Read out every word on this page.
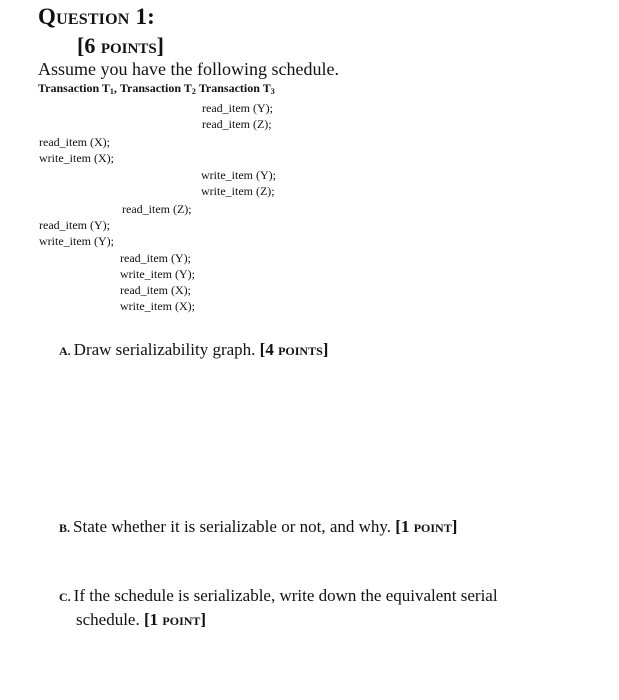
Question 1:
[6 points]
Assume you have the following schedule.
Transaction $T_1$, Transaction $T_2$ Transaction $T_3$
read_item (Y);
read_item (Z);
read_item (X);
write_item (X);
write_item (Y);
write_item (Z);
read_item (Z);
read_item (Y);
write_item (Y);
read_item (Y);
write_item (Y);
read_item (X);
write_item (X);
A. Draw serializability graph. [4 points]
B. State whether it is serializable or not, and why. [1 point]
C. If the schedule is serializable, write down the equivalent serial
schedule. [1 point]
